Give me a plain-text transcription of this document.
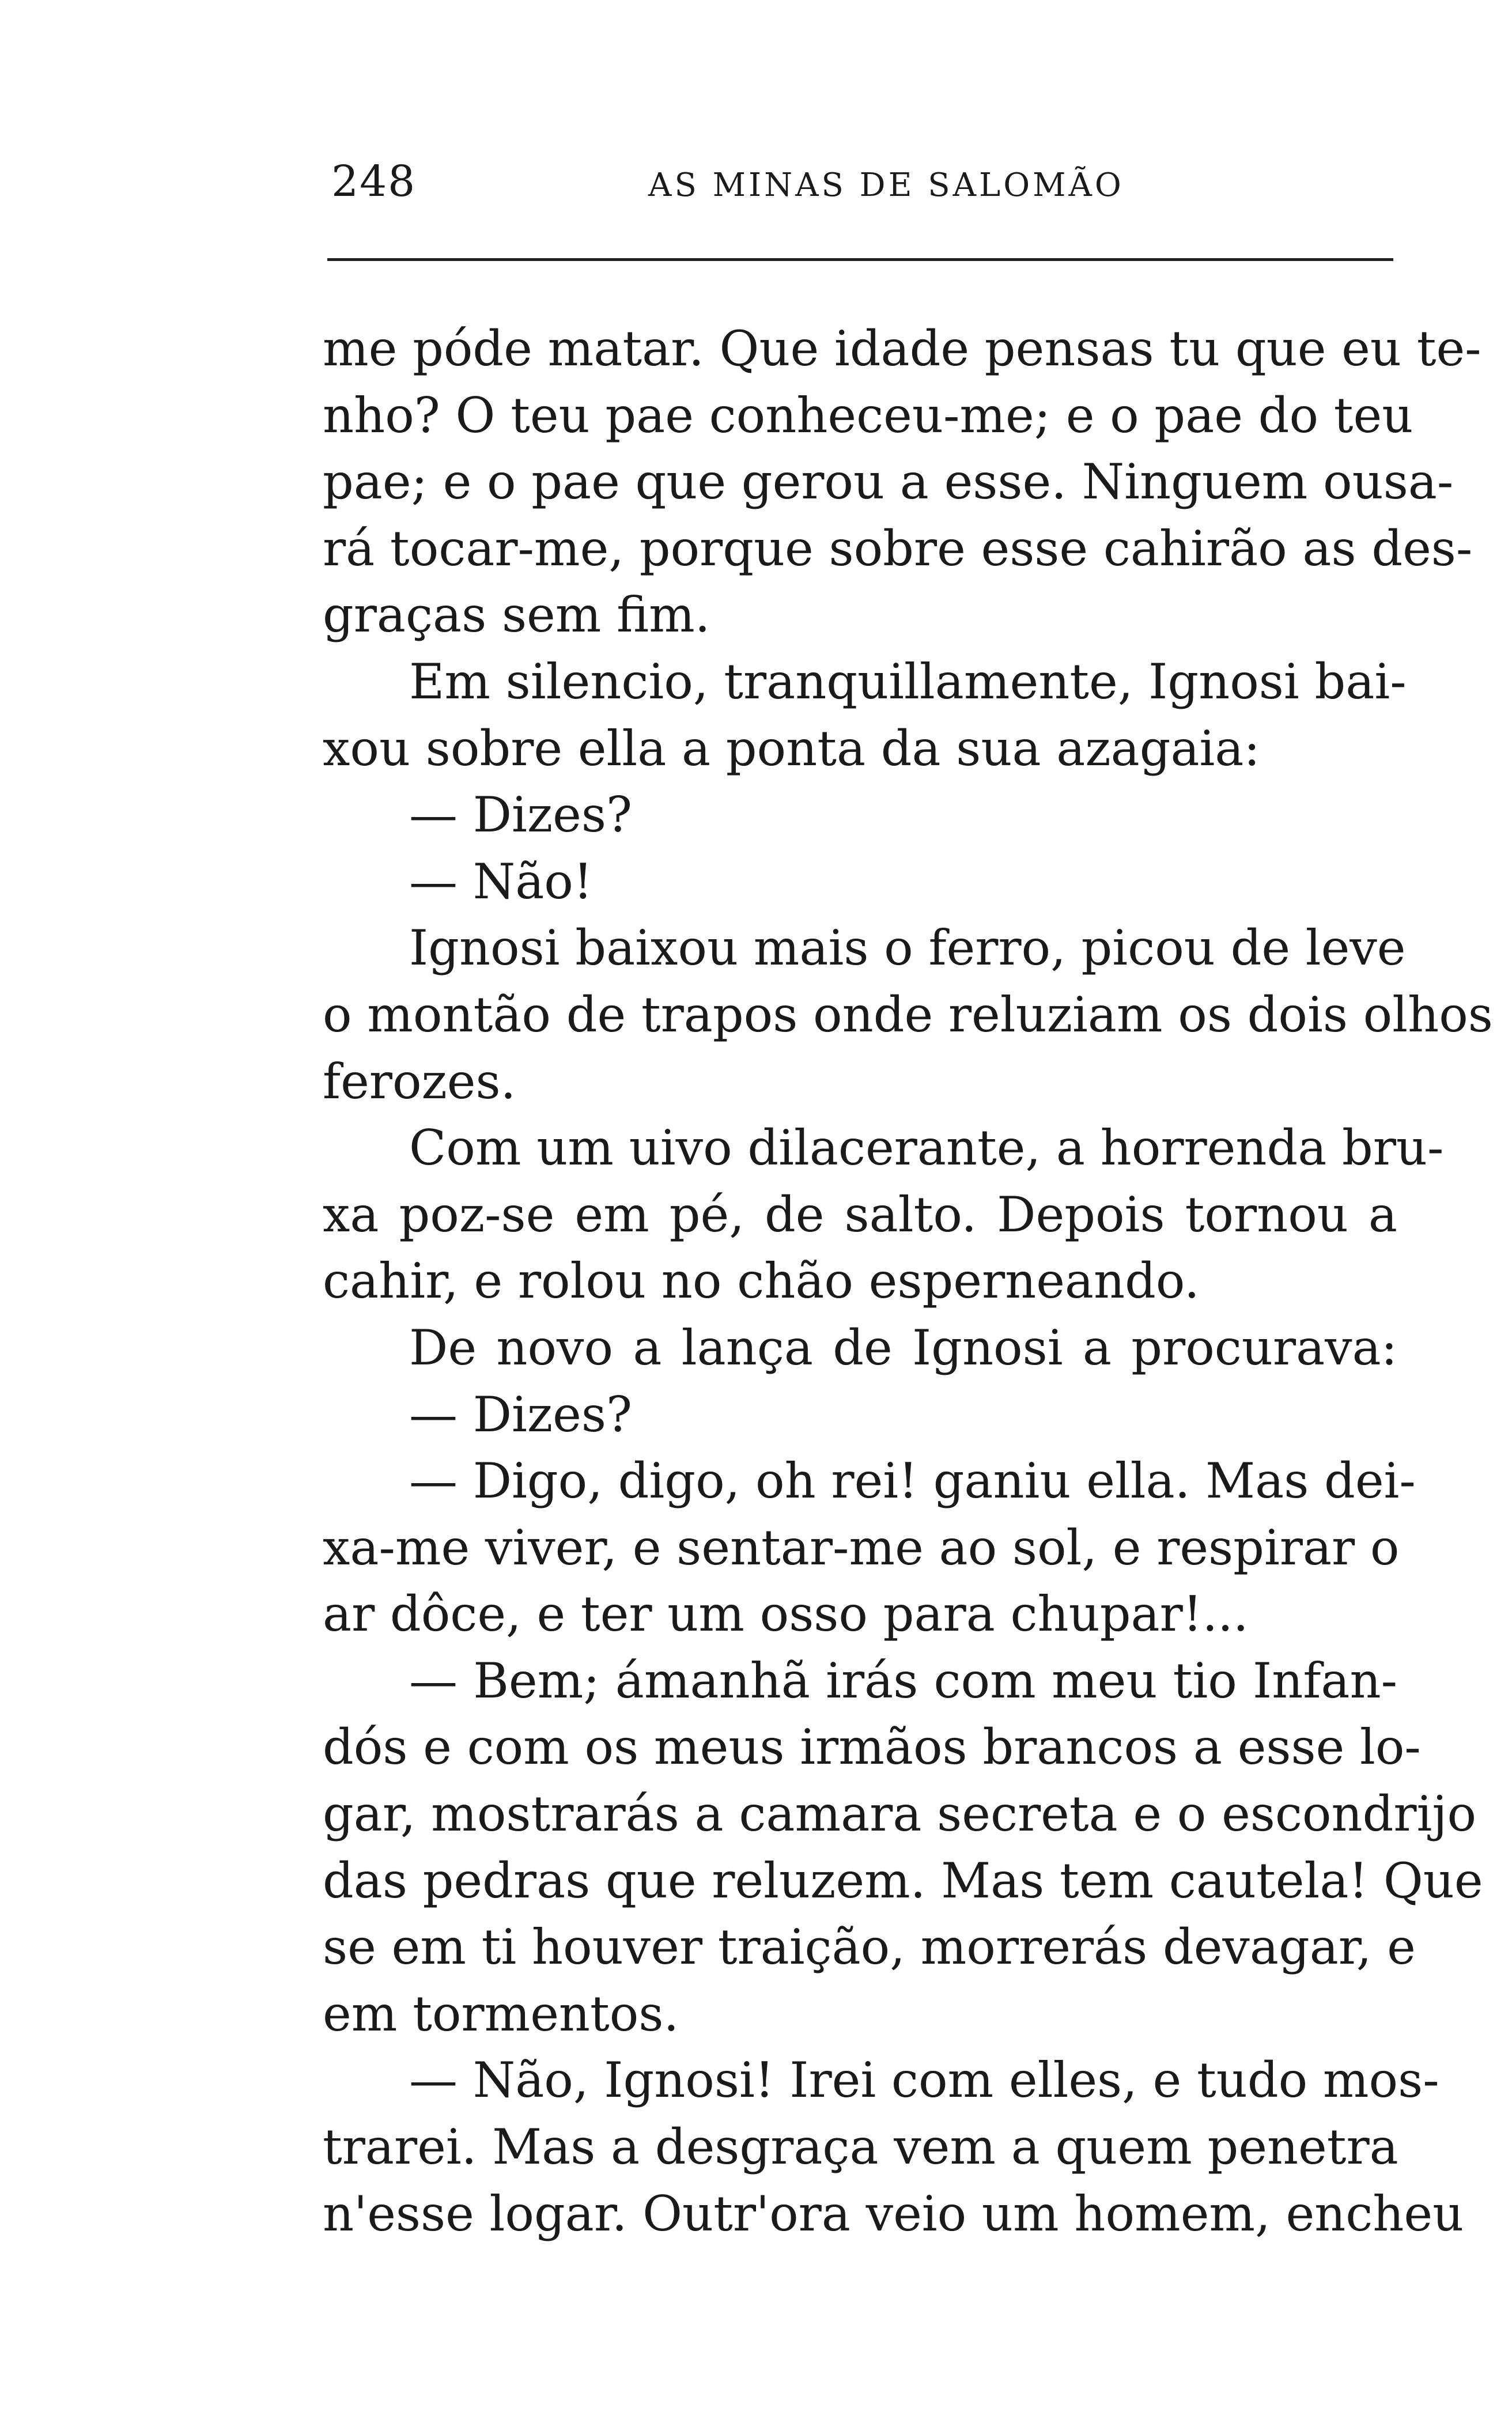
248	AS MINAS DE SALOMÃO
me póde matar. Que idade pensas tu que eu te-
nho? O teu pae conheceu-me; e o pae do teu
pae; e o pae que gerou a esse. Ninguem ousa-
rá tocar-me, porque sobre esse cahirão as des-
graças sem fim.
Em silencio, tranquillamente, Ignosi bai-
xou sobre ella a ponta da sua azagaia:
— Dizes?
— Não!
Ignosi baixou mais o ferro, picou de leve
o montão de trapos onde reluziam os dois olhos
ferozes.
Com um uivo dilacerante, a horrenda bru-
xa poz-se em pé, de salto. Depois tornou a
cahir, e rolou no chão esperneando.
De novo a lança de Ignosi a procurava:
— Dizes?
— Digo, digo, oh rei! ganiu ella. Mas dei-
xa-me viver, e sentar-me ao sol, e respirar o
ar dôce, e ter um osso para chupar!...
— Bem; ámanhã irás com meu tio Infan-
dós e com os meus irmãos brancos a esse lo-
gar, mostrarás a camara secreta e o escondrijo
das pedras que reluzem. Mas tem cautela! Que
se em ti houver traição, morrerás devagar, e
em tormentos.
— Não, Ignosi! Irei com elles, e tudo mos-
trarei. Mas a desgraça vem a quem penetra
n'esse logar. Outr'ora veio um homem, encheu
